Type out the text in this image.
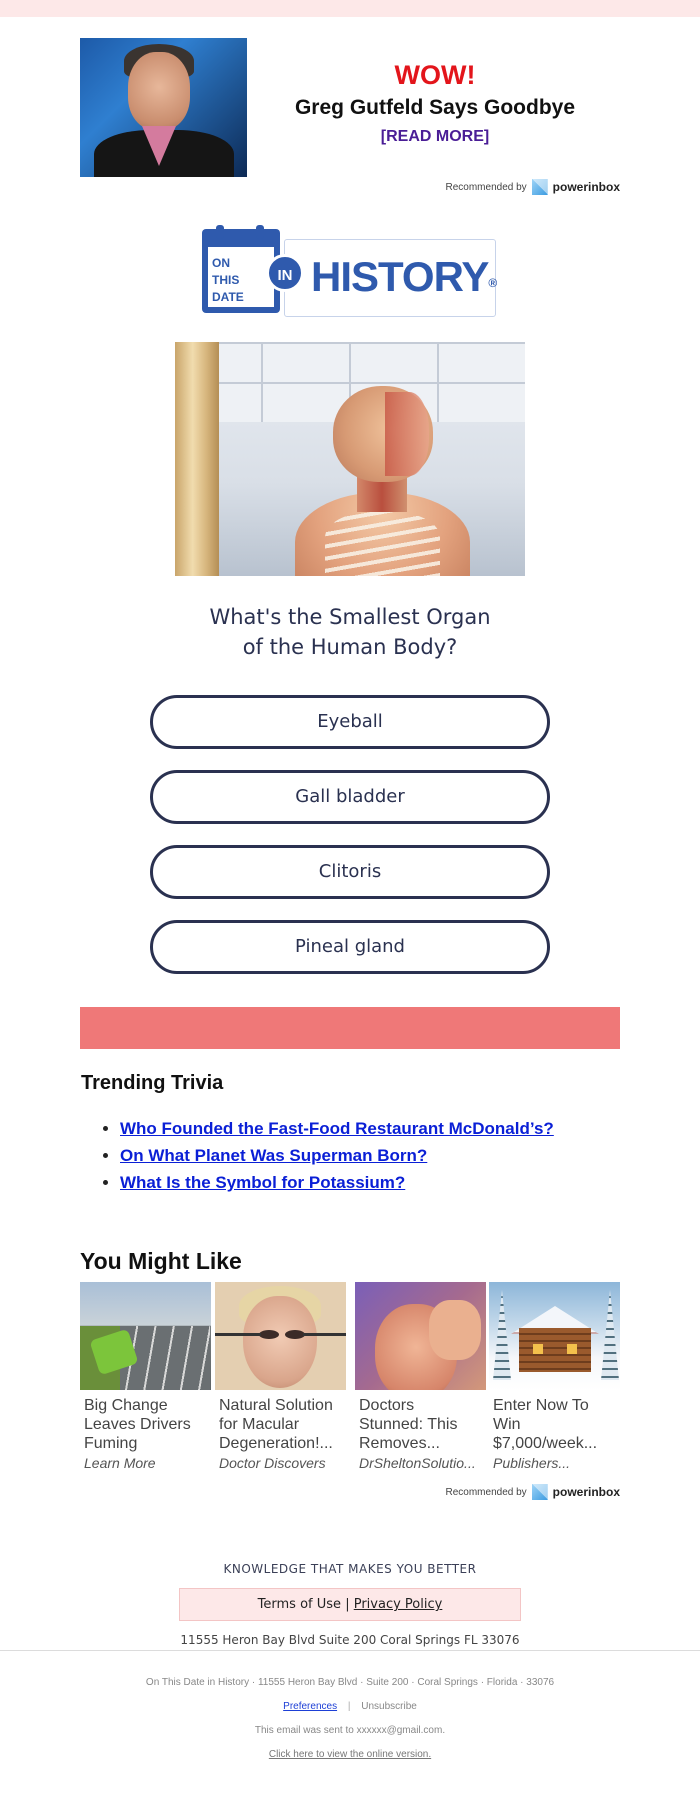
WOW!
Greg Gutfeld Says Goodbye
[READ MORE]
Recommended by powerinbox
ON
THIS
DATE
IN HISTORY®
What's the Smallest Organ
of the Human Body?
Eyeball
Gall bladder
Clitoris
Pineal gland
Trending Trivia
• Who Founded the Fast-Food Restaurant McDonald’s?
• On What Planet Was Superman Born?
• What Is the Symbol for Potassium?
You Might Like
Big Change Leaves Drivers Fuming
Learn More
Natural Solution for Macular Degeneration!...
Doctor Discovers
Doctors Stunned: This Removes...
DrSheltonSolutio...
Enter Now To Win $7,000/week...
Publishers...
Recommended by powerinbox
KNOWLEDGE THAT MAKES YOU BETTER
Terms of Use | Privacy Policy
11555 Heron Bay Blvd Suite 200 Coral Springs FL 33076
On This Date in History · 11555 Heron Bay Blvd · Suite 200 · Coral Springs · Florida · 33076
Preferences | Unsubscribe
This email was sent to xxxxxx@gmail.com.
Click here to view the online version.
